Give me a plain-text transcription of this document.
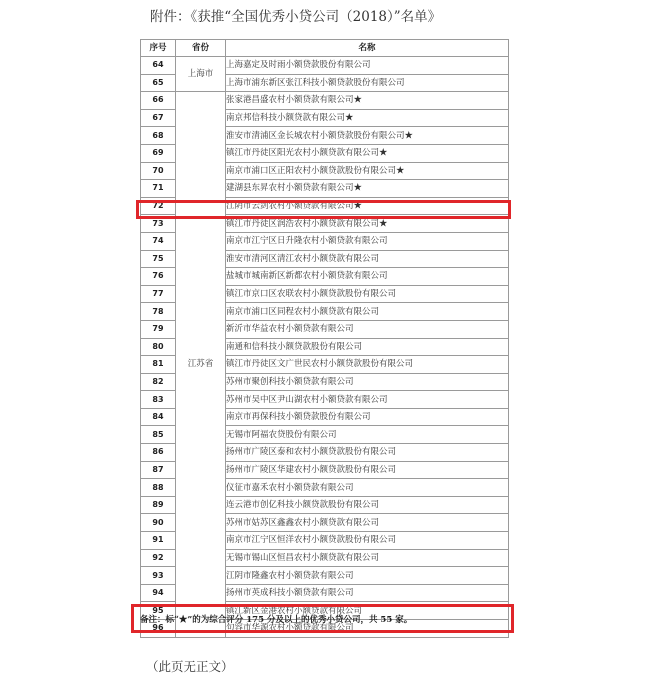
附件：《获推“全国优秀小贷公司（2018）”名单》
序号	省份	名称
64	上海市	上海嘉定及时雨小额贷款股份有限公司
65		上海市浦东新区张江科技小额贷款股份有限公司
66	江苏省	张家港昌盛农村小额贷款有限公司★
67		南京邦信科技小额贷款有限公司★
68		淮安市清浦区金长城农村小额贷款股份有限公司★
69		镇江市丹徒区阳光农村小额贷款有限公司★
70		南京市浦口区正阳农村小额贷款股份有限公司★
71		建湖县东昇农村小额贷款有限公司★
72		江阴市云剑农村小额贷款有限公司★
73		镇江市丹徒区润浩农村小额贷款有限公司★
74		南京市江宁区日升隆农村小额贷款有限公司
75		淮安市清河区清江农村小额贷款有限公司
76		盐城市城南新区新都农村小额贷款有限公司
77		镇江市京口区农联农村小额贷款股份有限公司
78		南京市浦口区同程农村小额贷款有限公司
79		新沂市华益农村小额贷款有限公司
80		南通和信科技小额贷款股份有限公司
81		镇江市丹徒区文广世民农村小额贷款股份有限公司
82		苏州市聚创科技小额贷款有限公司
83		苏州市吴中区尹山湖农村小额贷款有限公司
84		南京市再保科技小额贷款股份有限公司
85		无锡市阿福农贷股份有限公司
86		扬州市广陵区泰和农村小额贷款股份有限公司
87		扬州市广陵区华建农村小额贷款股份有限公司
88		仪征市嘉禾农村小额贷款有限公司
89		连云港市创亿科技小额贷款股份有限公司
90		苏州市姑苏区鑫鑫农村小额贷款有限公司
91		南京市江宁区恒洋农村小额贷款股份有限公司
92		无锡市锡山区恒昌农村小额贷款有限公司
93		江阴市隆鑫农村小额贷款有限公司
94		扬州市英成科技小额贷款有限公司
95		镇江新区金港农村小额贷款有限公司
96		句容市华源农村小额贷款有限公司
备注：标“★”的为综合评分 175 分及以上的优秀小贷公司，共 55 家。
（此页无正文）
